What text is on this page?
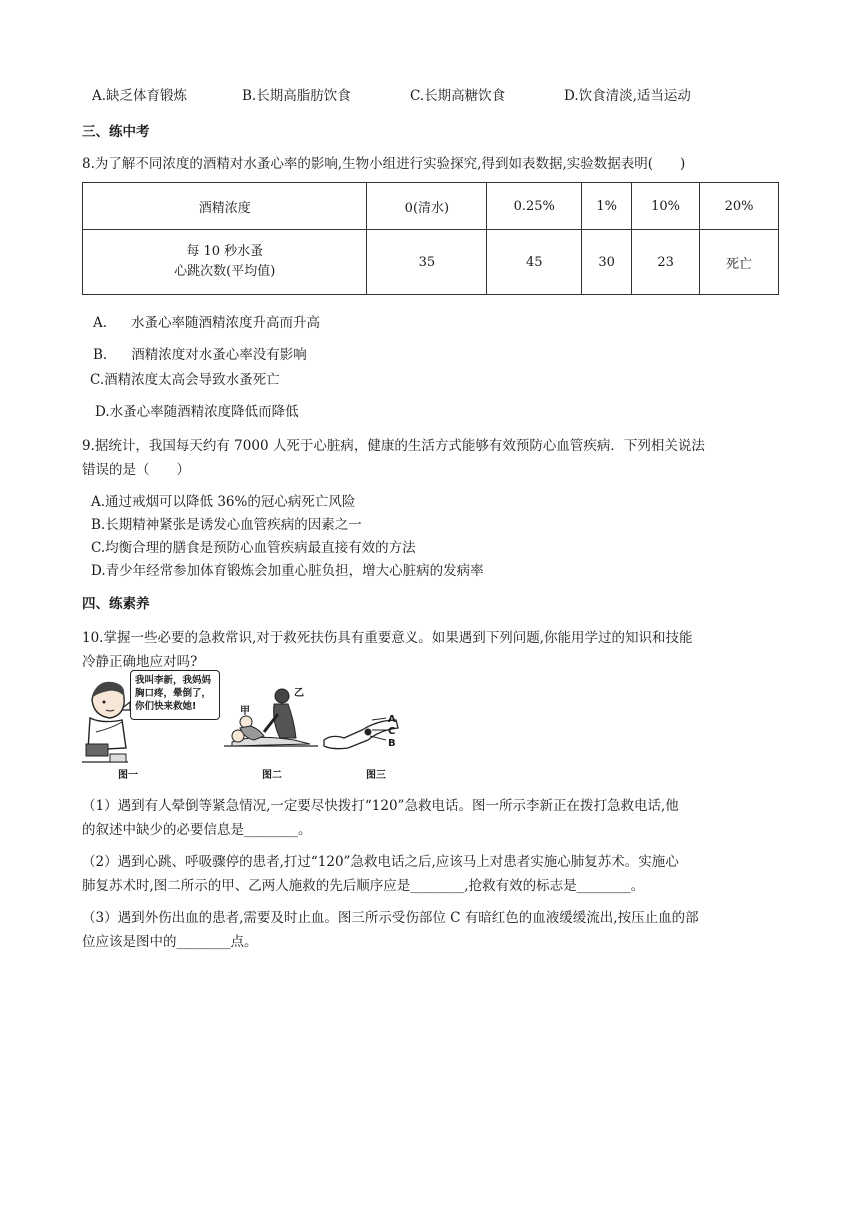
A.缺乏体育锻炼	B.长期高脂肪饮食	C.长期高糖饮食	D.饮食清淡,适当运动
三、练中考
8.为了解不同浓度的酒精对水蚤心率的影响,生物小组进行实验探究,得到如表数据,实验数据表明(　　)
酒精浓度	0(清水)	0.25%	1%	10%	20%

每 10 秒水蚤
心跳次数(平均值)	35	45	30	23	死亡
A. 水蚤心率随酒精浓度升高而升高
B. 酒精浓度对水蚤心率没有影响
C.酒精浓度太高会导致水蚤死亡
D.水蚤心率随酒精浓度降低而降低
9.据统计，我国每天约有 7000 人死于心脏病，健康的生活方式能够有效预防心血管疾病．下列相关说法
错误的是（　　）
A.通过戒烟可以降低 36%的冠心病死亡风险
B.长期精神紧张是诱发心血管疾病的因素之一
C.均衡合理的膳食是预防心血管疾病最直接有效的方法
D.青少年经常参加体育锻炼会加重心脏负担，增大心脏病的发病率
四、练素养
10.掌握一些必要的急救常识,对于救死扶伤具有重要意义。如果遇到下列问题,你能用学过的知识和技能
冷静正确地应对吗?
我叫李新，我妈妈胸口疼，晕倒了，你们快来救她!
图一
甲
乙
图二
A
C
B
图三
（1）遇到有人晕倒等紧急情况,一定要尽快拨打“120”急救电话。图一所示李新正在拨打急救电话,他
的叙述中缺少的必要信息是________。
（2）遇到心跳、呼吸骤停的患者,打过“120”急救电话之后,应该马上对患者实施心肺复苏术。实施心
肺复苏术时,图二所示的甲、乙两人施救的先后顺序应是________,抢救有效的标志是________。
（3）遇到外伤出血的患者,需要及时止血。图三所示受伤部位 C 有暗红色的血液缓缓流出,按压止血的部
位应该是图中的________点。
